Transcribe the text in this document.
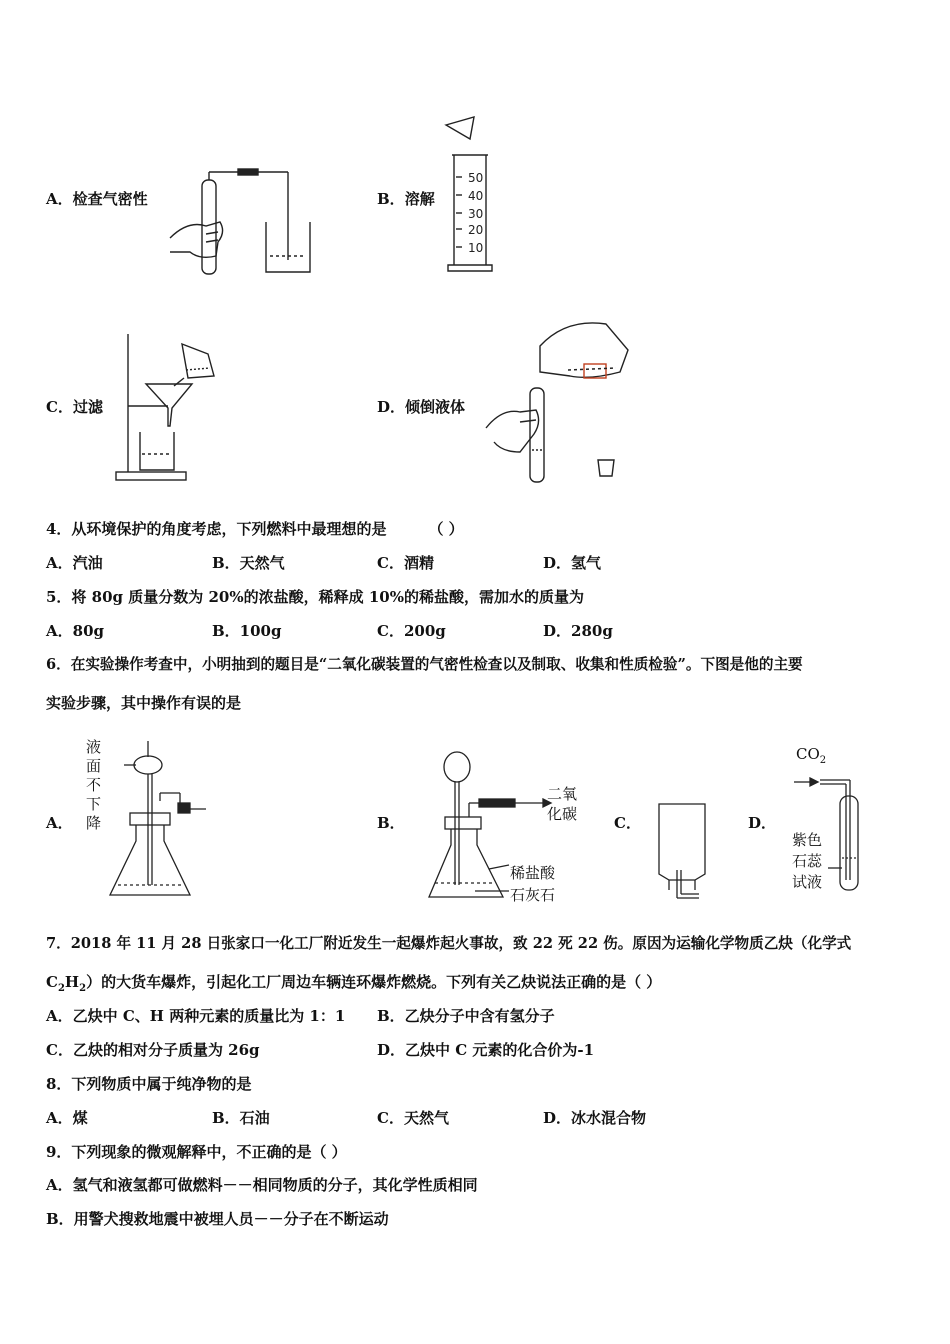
A．检查气密性	B．溶解
50
40
30
20
10
C．过滤	D．倾倒液体
4．从环境保护的角度考虑，下列燃料中最理想的是	（ ）
A．汽油	B．天然气	C．酒精	D．氢气
5．将 80g 质量分数为 20%的浓盐酸，稀释成 10%的稀盐酸，需加水的质量为
A．80g	B．100g	C．200g	D．280g
6．在实验操作考查中，小明抽到的题目是“二氧化碳装置的气密性检查以及制取、收集和性质检验”。下图是他的主要
实验步骤，其中操作有误的是
A．
液
面
不
下
降	B．
二氧
化碳
稀盐酸
石灰石
C．	D．
$CO_2$
紫色
石蕊
试液
7．2018 年 11 月 28 日张家口一化工厂附近发生一起爆炸起火事故，致 22 死 22 伤。原因为运输化学物质乙炔（化学式
$C_2H_2$）的大货车爆炸，引起化工厂周边车辆连环爆炸燃烧。下列有关乙炔说法正确的是（ ）
A．乙炔中 C、H 两种元素的质量比为 1：1 B．乙炔分子中含有氢分子
C．乙炔的相对分子质量为 26g	D．乙炔中 C 元素的化合价为-1
8．下列物质中属于纯净物的是
A．煤	B．石油	C．天然气	D．冰水混合物
9．下列现象的微观解释中，不正确的是（ ）
A．氢气和液氢都可做燃料－－相同物质的分子，其化学性质相同
B．用警犬搜救地震中被埋人员－－分子在不断运动
